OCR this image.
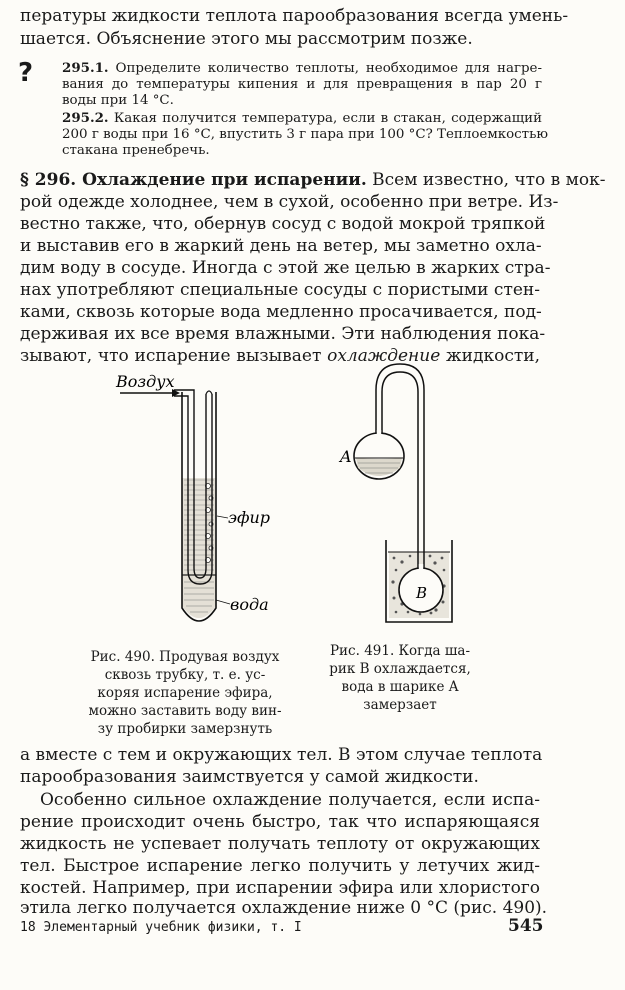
пературы жидкости теплота парообразования всегда умень-

шается. Объяснение этого мы рассмотрим позже.

? 295.1. Определите количество теплоты, необходимое для нагре-

вания до температуры кипения и для превращения в пар 20 г

воды при 14 °С.

295.2. Какая получится температура, если в стакан, содержащий

200 г воды при 16 °С, впустить 3 г пара при 100 °С? Теплоемкостью

стакана пренебречь.

§ 296. Охлаждение при испарении. Всем известно, что в мок-

рой одежде холоднее, чем в сухой, особенно при ветре. Из-

вестно также, что, обернув сосуд с водой мокрой тряпкой

и выставив его в жаркий день на ветер, мы заметно охла-

дим воду в сосуде. Иногда с этой же целью в жарких стра-

нах употребляют специальные сосуды с пористыми стен-

ками, сквозь которые вода медленно просачивается, под-

держивая их все время влажными. Эти наблюдения пока-

зывают, что испарение вызывает охлаждение жидкости,

Воздух
эфир
вода
Рис. 490. Продувая воздух
сквозь трубку, т. е. ус-
коряя испарение эфира,
можно заставить воду вин-
зу пробирки замерзнуть
A
B
Рис. 491. Когда ша-
рик B охлаждается,
вода в шарике A
замерзает

а вместе с тем и окружающих тел. В этом случае теплота

парообразования заимствуется у самой жидкости.

Особенно сильное охлаждение получается, если испа-

рение происходит очень быстро, так что испаряющаяся

жидкость не успевает получать теплоту от окружающих

тел. Быстрое испарение легко получить у летучих жид-

костей. Например, при испарении эфира или хлористого

этила легко получается охлаждение ниже 0 °С (рис. 490).

18 Элементарный учебник физики, т. I	545
